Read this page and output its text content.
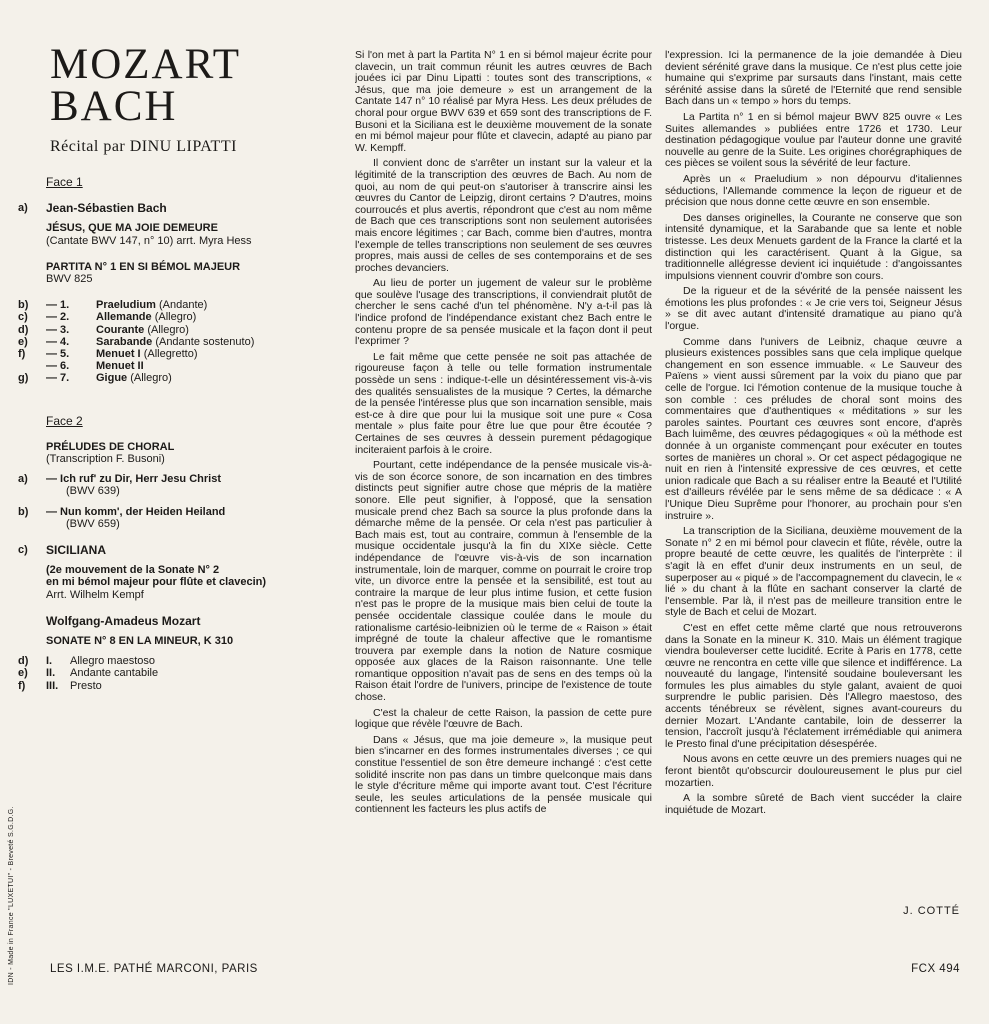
MOZART
BACH
Récital par DINU LIPATTI
Face 1
a)	Jean-Sébastien Bach
JÉSUS, QUE MA JOIE DEMEURE
(Cantate BWV 147, n° 10) arrt. Myra Hess
PARTITA N° 1 EN SI BÉMOL MAJEUR
BWV 825
b)	— 1. Praeludium (Andante)
c)	— 2. Allemande (Allegro)
d)	— 3. Courante (Allegro)
e)	— 4. Sarabande (Andante sostenuto)
f)	— 5. Menuet I (Allegretto)
— 6. Menuet II
g)	— 7. Gigue (Allegro)
Face 2
PRÉLUDES DE CHORAL
(Transcription F. Busoni)
a)	— Ich ruf' zu Dir, Herr Jesu Christ
(BWV 639)
b)	— Nun komm', der Heiden Heiland
(BWV 659)
c)	SICILIANA
(2e mouvement de la Sonate N° 2
en mi bémol majeur pour flûte et clavecin)
Arrt. Wilhelm Kempf
Wolfgang-Amadeus Mozart
SONATE N° 8 EN LA MINEUR, K 310
d)	I. Allegro maestoso
e)	II. Andante cantabile
f)	III. Presto

Si l'on met à part la Partita N° 1 en si bémol majeur écrite pour clavecin, un trait commun réunit les autres œuvres de Bach jouées ici par Dinu Lipatti : toutes sont des transcriptions, « Jésus, que ma joie demeure » est un arrangement de la Cantate 147 n° 10 réalisé par Myra Hess. Les deux préludes de choral pour orgue BWV 639 et 659 sont des transcriptions de F. Busoni et la Siciliana est le deuxième mouvement de la sonate en mi bémol majeur pour flûte et clavecin, adapté au piano par W. Kempff.

Il convient donc de s'arrêter un instant sur la valeur et la légitimité de la transcription des œuvres de Bach. Au nom de quoi, au nom de qui peut-on s'autoriser à transcrire ainsi les œuvres du Cantor de Leipzig, diront certains ? D'autres, moins courroucés et plus avertis, répondront que c'est au nom même de Bach que ces transcriptions sont non seulement autorisées mais encore légitimes ; car Bach, comme bien d'autres, montra l'exemple de telles transcriptions non seulement de ses œuvres propres, mais aussi de celles de ses contemporains et de ses proches devanciers.

Au lieu de porter un jugement de valeur sur le problème que soulève l'usage des transcriptions, il conviendrait plutôt de chercher le sens caché d'un tel phénomène. N'y a-t-il pas là l'indice profond de l'indépendance existant chez Bach entre le contenu propre de sa pensée musicale et la façon dont il peut l'exprimer ?

Le fait même que cette pensée ne soit pas attachée de rigoureuse façon à telle ou telle formation instrumentale possède un sens : indique-t-elle un désintéressement vis-à-vis des qualités sensualistes de la musique ? Certes, la démarche de la pensée l'intéresse plus que son incarnation sensible, mais est-ce à dire que pour lui la musique soit une pure « Cosa mentale » plus faite pour être lue que pour être écoutée ? Certaines de ses œuvres à dessein purement pédagogique inciteraient parfois à le croire.

Pourtant, cette indépendance de la pensée musicale vis-à-vis de son écorce sonore, de son incarnation en des timbres distincts peut signifier autre chose que mépris de la matière sonore. Elle peut signifier, à l'opposé, que la sensation musicale prend chez Bach sa source la plus profonde dans la démarche même de la pensée. Or cela n'est pas particulier à Bach mais est, tout au contraire, commun à l'ensemble de la musique occidentale jusqu'à la fin du XIXe siècle. Cette indépendance de l'œuvre vis-à-vis de son incarnation instrumentale, loin de marquer, comme on pourrait le croire trop vite, un divorce entre la pensée et la sensibilité, est tout au contraire la marque de leur plus intime fusion, et cette fusion n'est pas le propre de la musique mais bien celui de toute la pensée occidentale classique coulée dans le moule du rationalisme cartésio-leibnizien où le terme de « Raison » était imprégné de toute la chaleur affective que le romantisme trouvera par exemple dans la notion de Nature cosmique opposée aux glaces de la Raison raisonnante. Une telle romantique opposition n'avait pas de sens en des temps où la Raison était l'ordre de l'univers, principe de l'existence de toute chose.

C'est la chaleur de cette Raison, la passion de cette pure logique que révèle l'œuvre de Bach.

Dans « Jésus, que ma joie demeure », la musique peut bien s'incarner en des formes instrumentales diverses ; ce qui constitue l'essentiel de son être demeure inchangé : c'est cette solidité inscrite non pas dans un timbre quelconque mais dans le style d'écriture même qui importe avant tout. C'est l'écriture seule, les seules articulations de la pensée musicale qui contiennent les facteurs les plus actifs de

l'expression. Ici la permanence de la joie demandée à Dieu devient sérénité grave dans la musique. Ce n'est plus cette joie humaine qui s'exprime par sursauts dans l'instant, mais cette sérénité assise dans la sûreté de l'Eternité que rend sensible Bach dans un « tempo » hors du temps.

La Partita n° 1 en si bémol majeur BWV 825 ouvre « Les Suites allemandes » publiées entre 1726 et 1730. Leur destination pédagogique voulue par l'auteur donne une gravité nouvelle au genre de la Suite. Les origines chorégraphiques de ces pièces se voilent sous la sévérité de leur facture.

Après un « Praeludium » non dépourvu d'italiennes séductions, l'Allemande commence la leçon de rigueur et de précision que nous donne cette œuvre en son ensemble.

Des danses originelles, la Courante ne conserve que son intensité dynamique, et la Sarabande que sa lente et noble tristesse. Les deux Menuets gardent de la France la clarté et la distinction qui les caractérisent. Quant à la Gigue, sa traditionnelle allégresse devient ici inquiétude : d'angoissantes impulsions viennent couvrir d'ombre son cours.

De la rigueur et de la sévérité de la pensée naissent les émotions les plus profondes : « Je crie vers toi, Seigneur Jésus » se dit avec autant d'intensité dramatique au piano qu'à l'orgue.

Comme dans l'univers de Leibniz, chaque œuvre a plusieurs existences possibles sans que cela implique quelque changement en son essence immuable. « Le Sauveur des Païens » vient aussi sûrement par la voix du piano que par celle de l'orgue. Ici l'émotion contenue de la musique touche à son comble : ces préludes de choral sont moins des commentaires que d'authentiques « méditations » sur les paroles saintes. Pourtant ces œuvres sont encore, d'après Bach luimême, des œuvres pédagogiques « où la méthode est donnée à un organiste commençant pour exécuter en toutes sortes de manières un choral ». Or cet aspect pédagogique ne nuit en rien à l'intensité expressive de ces œuvres, et cette union radicale que Bach a su réaliser entre la Beauté et l'Utilité est d'ailleurs révélée par le sens même de sa dédicace : « A l'Unique Dieu Suprême pour l'honorer, au prochain pour s'en instruire ».

La transcription de la Siciliana, deuxième mouvement de la Sonate n° 2 en mi bémol pour clavecin et flûte, révèle, outre la propre beauté de cette œuvre, les qualités de l'interprète : il s'agit là en effet d'unir deux instruments en un seul, de superposer au « piqué » de l'accompagnement du clavecin, le « lié » du chant à la flûte en sachant conserver la clarté de l'ensemble. Par là, il n'est pas de meilleure transition entre le style de Bach et celui de Mozart.

C'est en effet cette même clarté que nous retrouverons dans la Sonate en la mineur K. 310. Mais un élément tragique viendra bouleverser cette lucidité. Ecrite à Paris en 1778, cette œuvre ne rencontra en cette ville que silence et indifférence. La nouveauté du langage, l'intensité soudaine bouleversant les formules les plus aimables du style galant, avaient de quoi surprendre le public parisien. Dès l'Allegro maestoso, des accents ténébreux se révèlent, signes avant-coureurs du dernier Mozart. L'Andante cantabile, loin de desserrer la tension, l'accroît jusqu'à l'éclatement irrémédiable qui animera le Presto final d'une précipitation désespérée.

Nous avons en cette œuvre un des premiers nuages qui ne feront bientôt qu'obscurcir douloureusement le plus pur ciel mozartien.

A la sombre sûreté de Bach vient succéder la claire inquiétude de Mozart.

J. COTTÉ
LES I.M.E. PATHÉ MARCONI, PARIS	FCX 494
IDN - Made in France "LUXETUI" - Breveté S.G.D.G.
